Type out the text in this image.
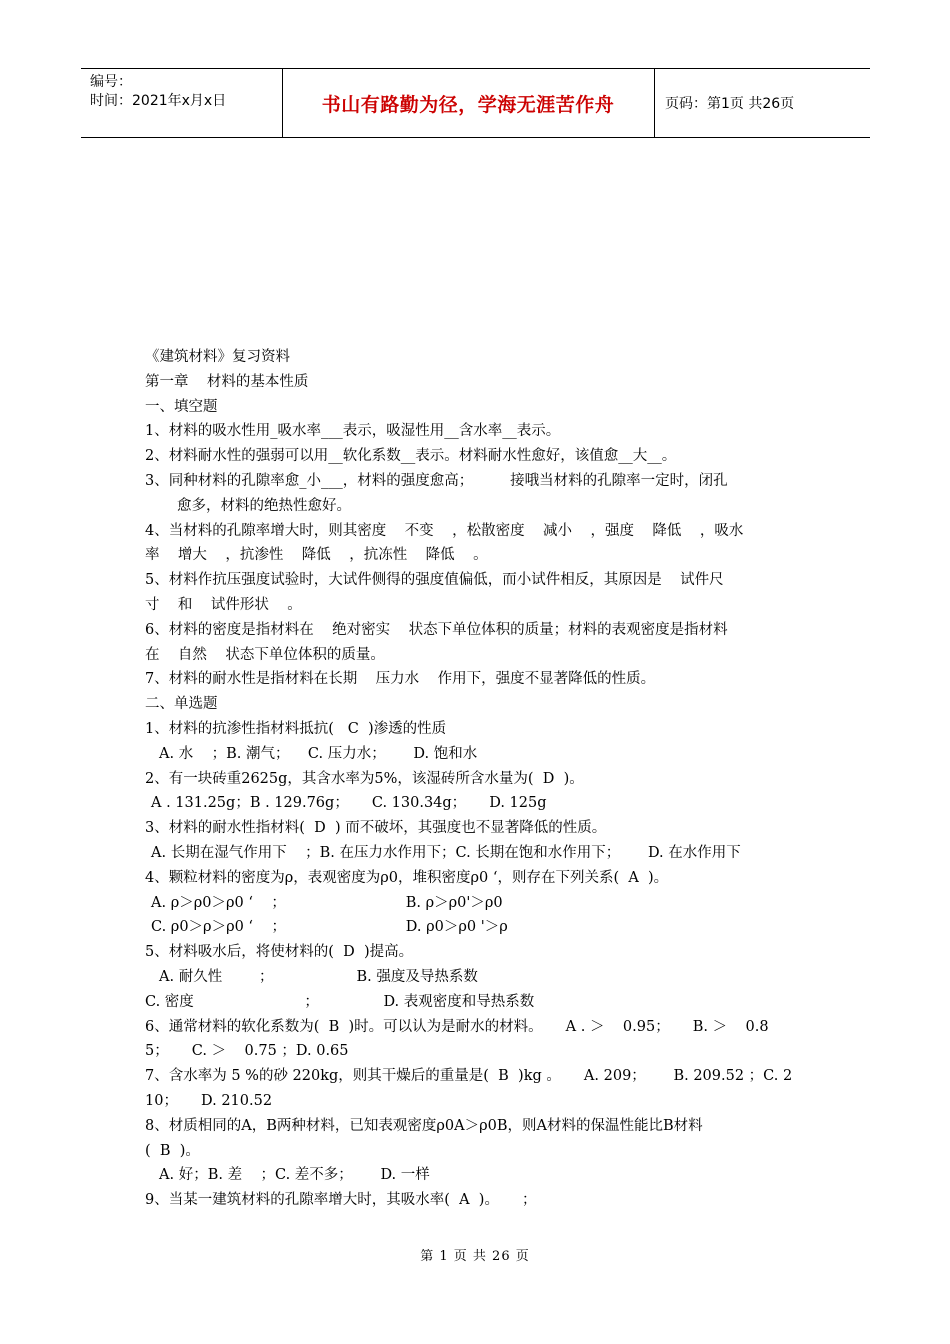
编号：
时间：2021年x月x日	书山有路勤为径，学海无涯苦作舟	页码：第1页 共26页
《建筑材料》复习资料
第一章    材料的基本性质
一、填空题
1、材料的吸水性用_吸水率___表示，吸湿性用__含水率__表示。
2、材料耐水性的强弱可以用__软化系数__表示。材料耐水性愈好，该值愈__大__。
3、同种材料的孔隙率愈_小___，材料的强度愈高；        接哦当材料的孔隙率一定时，闭孔
愈多，材料的绝热性愈好。
4、当材料的孔隙率增大时，则其密度    不变    ，松散密度    减小    ，强度    降低    ，吸水
率    增大    ，抗渗性    降低    ，抗冻性    降低    。
5、材料作抗压强度试验时，大试件侧得的强度值偏低，而小试件相反，其原因是    试件尺
寸    和    试件形状    。
6、材料的密度是指材料在    绝对密实    状态下单位体积的质量；材料的表观密度是指材料
在    自然    状态下单位体积的质量。
7、材料的耐水性是指材料在长期    压力水    作用下，强度不显著降低的性质。
二、单选题
1、材料的抗渗性指材料抵抗(   C  )渗透的性质
A. 水    ；B. 潮气；    C. 压力水；      D. 饱和水
2、有一块砖重2625g，其含水率为5%，该湿砖所含水量为(  D  )。
A . 131.25g；B . 129.76g；     C. 130.34g；     D. 125g
3、材料的耐水性指材料(  D  ) 而不破坏，其强度也不显著降低的性质。
A. 长期在湿气作用下    ；B. 在压力水作用下；C. 长期在饱和水作用下；      D. 在水作用下
4、颗粒材料的密度为ρ，表观密度为ρ0，堆积密度ρ0 ‘，则存在下列关系(  A  )。
A. ρ＞ρ0＞ρ0 ‘    ；                          B. ρ＞ρ0'＞ρ0
C. ρ0＞ρ＞ρ0 ‘    ；                          D. ρ0＞ρ0 '＞ρ
5、材料吸水后，将使材料的(  D  )提高。
A. 耐久性        ；                  B. 强度及导热系数
C. 密度                        ；              D. 表观密度和导热系数
6、通常材料的软化系数为(  B  )时。可以认为是耐水的材料。     A . ＞    0.95；     B. ＞    0.8
5；     C. ＞    0.75 ；D. 0.65
7、含水率为 5 %的砂 220kg，则其干燥后的重量是(  B  )kg 。     A. 209；      B. 209.52 ；C. 2
10；     D. 210.52
8、材质相同的A，B两种材料，已知表观密度ρ0A＞ρ0B，则A材料的保温性能比B材料
(  B  )。
A. 好；B. 差    ；C. 差不多；      D. 一样
9、当某一建筑材料的孔隙率增大时，其吸水率(  A  )。     ；
第 1 页 共 26 页
